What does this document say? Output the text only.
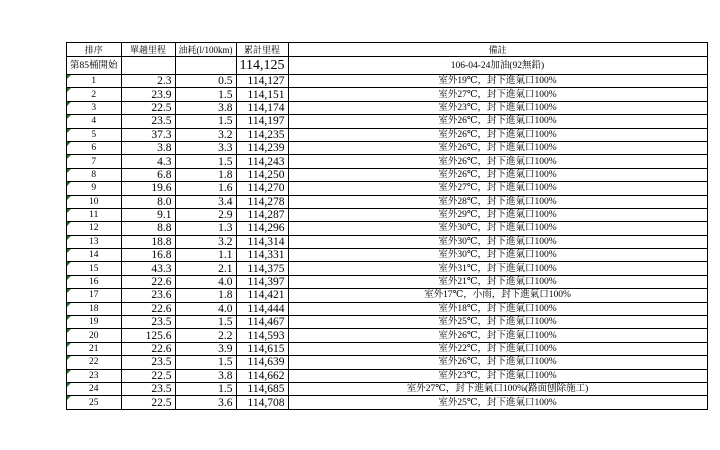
排序	單趟里程	油耗(l/100km)	累計里程	備註
第85桶開始			114,125	106-04-24加油(92無鉛)

1	2.3	0.5	114,127	室外19℃，封下進氣口100%

2	23.9	1.5	114,151	室外27℃，封下進氣口100%

3	22.5	3.8	114,174	室外23℃，封下進氣口100%

4	23.5	1.5	114,197	室外26℃，封下進氣口100%

5	37.3	3.2	114,235	室外26℃，封下進氣口100%

6	3.8	3.3	114,239	室外26℃，封下進氣口100%

7	4.3	1.5	114,243	室外26℃，封下進氣口100%

8	6.8	1.8	114,250	室外26℃，封下進氣口100%

9	19.6	1.6	114,270	室外27℃，封下進氣口100%

10	8.0	3.4	114,278	室外28℃，封下進氣口100%

11	9.1	2.9	114,287	室外29℃，封下進氣口100%

12	8.8	1.3	114,296	室外30℃，封下進氣口100%

13	18.8	3.2	114,314	室外30℃，封下進氣口100%

14	16.8	1.1	114,331	室外30℃，封下進氣口100%

15	43.3	2.1	114,375	室外31℃，封下進氣口100%

16	22.6	4.0	114,397	室外21℃，封下進氣口100%

17	23.6	1.8	114,421	室外17℃，小雨，封下進氣口100%

18	22.6	4.0	114,444	室外18℃，封下進氣口100%

19	23.5	1.5	114,467	室外25℃，封下進氣口100%

20	125.6	2.2	114,593	室外26℃，封下進氣口100%

21	22.6	3.9	114,615	室外22℃，封下進氣口100%

22	23.5	1.5	114,639	室外26℃，封下進氣口100%

23	22.5	3.8	114,662	室外23℃，封下進氣口100%

24	23.5	1.5	114,685	室外27℃，封下進氣口100%(路面刨除施工)

25	22.5	3.6	114,708	室外25℃，封下進氣口100%
